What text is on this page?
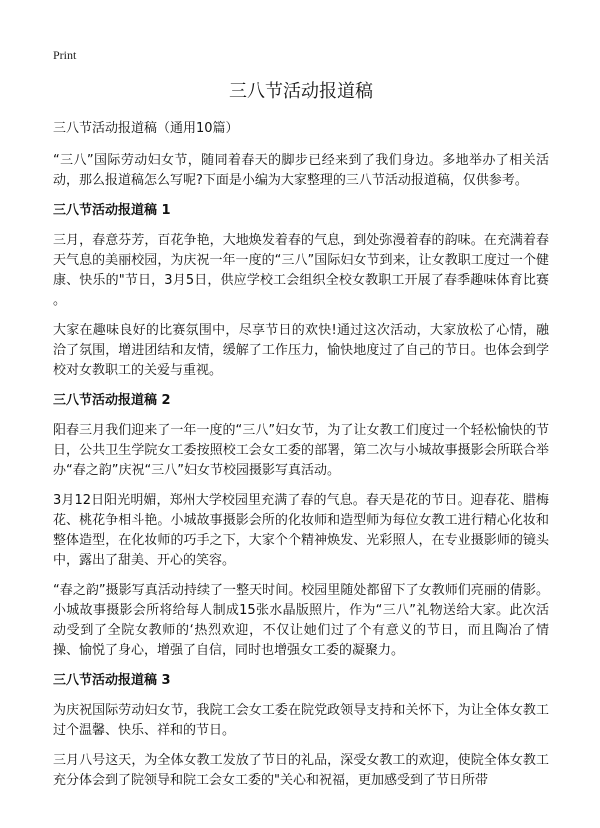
Print
三八节活动报道稿
三八节活动报道稿（通用10篇）

“三八”国际劳动妇女节，随同着春天的脚步已经来到了我们身边。多地举办了相关活动，那么报道稿怎么写呢?下面是小编为大家整理的三八节活动报道稿，仅供参考。

三八节活动报道稿 1

三月，春意芬芳，百花争艳，大地焕发着春的气息，到处弥漫着春的韵味。在充满着春天气息的美丽校园，为庆祝一年一度的“三八”国际妇女节到来，让女教职工度过一个健康、快乐的"节日，3月5日，供应学校工会组织全校女教职工开展了春季趣味体育比赛 。

大家在趣味良好的比赛氛围中，尽享节日的欢快!通过这次活动，大家放松了心情，融洽了氛围，增进团结和友情，缓解了工作压力，愉快地度过了自己的节日。也体会到学校对女教职工的关爱与重视。

三八节活动报道稿 2

阳春三月我们迎来了一年一度的“三八”妇女节，为了让女教工们度过一个轻松愉快的节日，公共卫生学院女工委按照校工会女工委的部署，第二次与小城故事摄影会所联合举办“春之韵”庆祝“三八”妇女节校园摄影写真活动。

3月12日阳光明媚，郑州大学校园里充满了春的气息。春天是花的节日。迎春花、腊梅花、桃花争相斗艳。小城故事摄影会所的化妆师和造型师为每位女教工进行精心化妆和整体造型，在化妆师的巧手之下，大家个个精神焕发、光彩照人，在专业摄影师的镜头中，露出了甜美、开心的笑容。

“春之韵”摄影写真活动持续了一整天时间。校园里随处都留下了女教师们亮丽的倩影。小城故事摄影会所将给每人制成15张水晶版照片，作为“三八”礼物送给大家。此次活动受到了全院女教师的‘热烈欢迎，不仅让她们过了个有意义的节日，而且陶冶了情操、愉悦了身心，增强了自信，同时也增强女工委的凝聚力。

三八节活动报道稿 3

为庆祝国际劳动妇女节，我院工会女工委在院党政领导支持和关怀下，为让全体女教工过个温馨、快乐、祥和的节日。

三月八号这天，为全体女教工发放了节日的礼品，深受女教工的欢迎，使院全体女教工充分体会到了院领导和院工会女工委的"关心和祝福，更加感受到了节日所带
